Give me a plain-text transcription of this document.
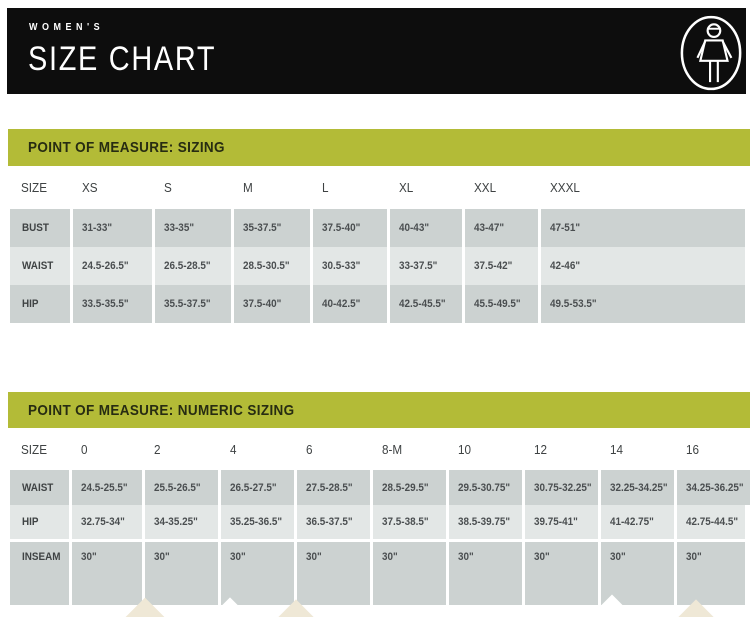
WOMEN'S
SIZE CHART
POINT OF MEASURE: SIZING
SIZE	XS	S	M	L	XL	XXL	XXXL
BUST	31-33"	33-35"	35-37.5"	37.5-40"	40-43"	43-47"	47-51"
WAIST	24.5-26.5"	26.5-28.5"	28.5-30.5"	30.5-33"	33-37.5"	37.5-42"	42-46"
HIP	33.5-35.5"	35.5-37.5"	37.5-40"	40-42.5"	42.5-45.5"	45.5-49.5"	49.5-53.5"
POINT OF MEASURE: NUMERIC SIZING
SIZE	0	2	4	6	8-M	10	12	14	16
WAIST	24.5-25.5" 25.5-26.5"	26.5-27.5"	27.5-28.5"	28.5-29.5"	29.5-30.75" 30.75-32.25" 32.25-34.25" 34.25-36.25"
HIP	32.75-34"	34-35.25"	35.25-36.5" 36.5-37.5"	37.5-38.5"	38.5-39.75" 39.75-41"	41-42.75"	42.75-44.5"
INSEAM 30"	30"	30"	30"	30"	30"	30"	30"	30"
